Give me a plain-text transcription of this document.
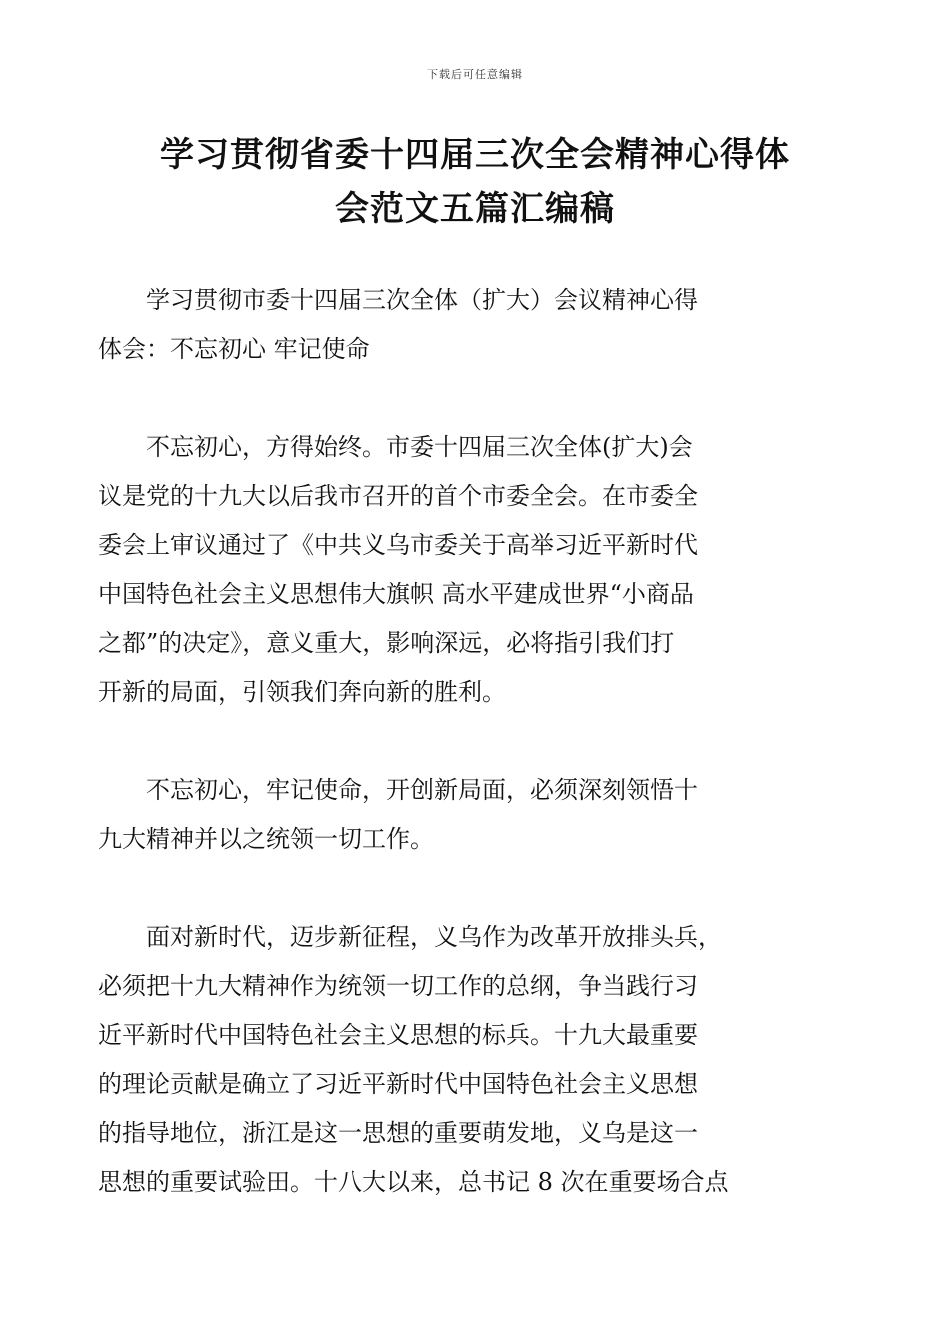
下载后可任意编辑
学习贯彻省委十四届三次全会精神心得体
会范文五篇汇编稿

学习贯彻市委十四届三次全体（扩大）会议精神心得
体会：不忘初心 牢记使命

不忘初心，方得始终。市委十四届三次全体(扩大)会
议是党的十九大以后我市召开的首个市委全会。在市委全
委会上审议通过了《中共义乌市委关于高举习近平新时代
中国特色社会主义思想伟大旗帜 高水平建成世界“小商品
之都”的决定》，意义重大，影响深远，必将指引我们打
开新的局面，引领我们奔向新的胜利。

不忘初心，牢记使命，开创新局面，必须深刻领悟十
九大精神并以之统领一切工作。

面对新时代，迈步新征程，义乌作为改革开放排头兵，
必须把十九大精神作为统领一切工作的总纲，争当践行习
近平新时代中国特色社会主义思想的标兵。十九大最重要
的理论贡献是确立了习近平新时代中国特色社会主义思想
的指导地位，浙江是这一思想的重要萌发地，义乌是这一
思想的重要试验田。十八大以来，总书记 8 次在重要场合点
